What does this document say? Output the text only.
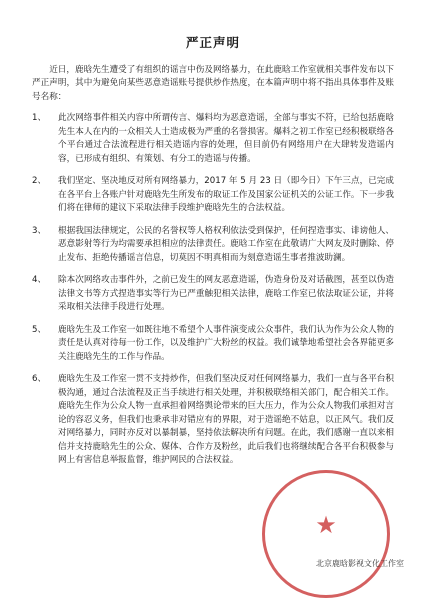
严正声明
近日，鹿晗先生遭受了有组织的谣言中伤及网络暴力，在此鹿晗工作室就相关事件发布以下严正声明，其中为避免向某些恶意造谣账号提供炒作热度，在本篇声明中将不指出具体事件及账号名称：
1、	此次网络事件相关内容中所谓传言、爆料均为恶意造谣，全部与事实不符，已给包括鹿晗先生本人在内的一众相关人士造成极为严重的名誉损害。爆料之初工作室已经积极联络各个平台通过合法流程进行相关造谣内容的处理，但目前仍有网络用户在大肆转发造谣内容，已形成有组织、有策划、有分工的造谣与传播。
2、	我们坚定、坚决地反对所有网络暴力，2017 年 5 月 23 日（即今日）下午三点，已完成在各平台上各账户针对鹿晗先生所发布的取证工作及国家公证机关的公证工作。下一步我们将在律师的建议下采取法律手段维护鹿晗先生的合法权益。
3、	根据我国法律规定，公民的名誉权等人格权利依法受到保护，任何捏造事实、诽谤他人、恶意影射等行为均需要承担相应的法律责任。鹿晗工作室在此敬请广大网友及时删除、停止发布、拒绝传播谣言信息，切莫因不明真相而为刻意造谣生事者推波助澜。
4、	除本次网络攻击事件外，之前已发生的网友恶意造谣，伪造身份及对话截图，甚至以伪造法律文书等方式捏造事实等行为已严重触犯相关法律，鹿晗工作室已依法取证公证，并将采取相关法律手段进行处理。
5、	鹿晗先生及工作室一如既往地不希望个人事件演变成公众事件，我们认为作为公众人物的责任是认真对待每一份工作，以及维护广大粉丝的权益。我们诚挚地希望社会各界能更多关注鹿晗先生的工作与作品。
6、	鹿晗先生及工作室一贯不支持炒作，但我们坚决反对任何网络暴力，我们一直与各平台积极沟通，通过合法流程及正当手续进行相关处理，并积极联络相关部门，配合相关工作。鹿晗先生作为公众人物一直承担着网络舆论带来的巨大压力，作为公众人物我们承担对言论的容忍义务，但我们也秉承非对错应有的界限，对于造谣绝不姑息，以正风气。我们反对网络暴力，同时亦反对以暴制暴，坚持依法解决所有问题。在此，我们感谢一直以来相信并支持鹿晗先生的公众、媒体、合作方及粉丝，此后我们也将继续配合各平台积极参与网上有害信息举报监督，维护网民的合法权益。
★
北京鹿晗影视文化工作室
